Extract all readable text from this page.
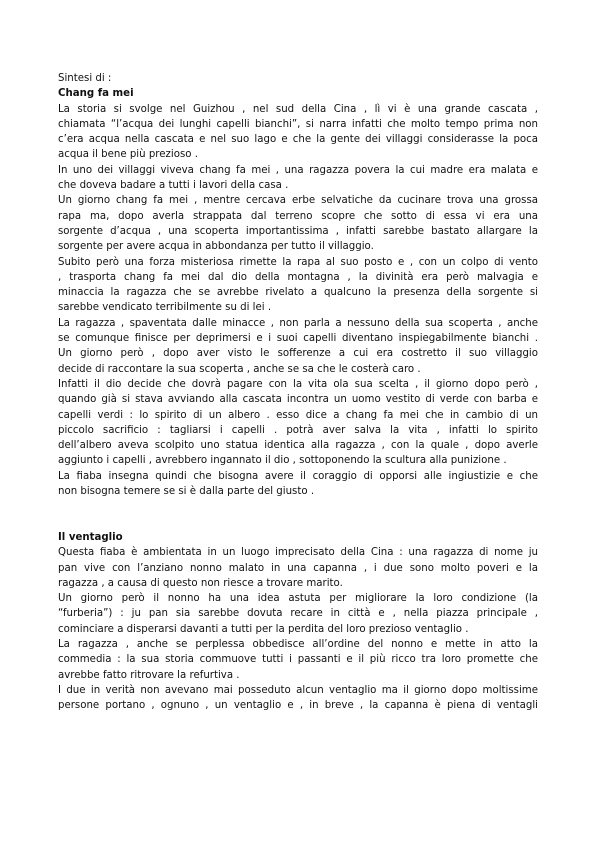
Sintesi di :
Chang fa mei
La storia si svolge nel Guizhou , nel sud della Cina , lì vi è una grande cascata ,
chiamata “l’acqua dei lunghi capelli bianchi”, si narra infatti che molto tempo prima non
c’era acqua nella cascata e nel suo lago e che la gente dei villaggi considerasse la poca
acqua il bene più prezioso .
In uno dei villaggi viveva chang fa mei , una ragazza povera la cui madre era malata e
che doveva badare a tutti i lavori della casa .
Un giorno chang fa mei , mentre cercava erbe selvatiche da cucinare trova una grossa
rapa ma, dopo averla strappata dal terreno scopre che sotto di essa vi era una
sorgente d’acqua , una scoperta importantissima , infatti sarebbe bastato allargare la
sorgente per avere acqua in abbondanza per tutto il villaggio.
Subito però una forza misteriosa rimette la rapa al suo posto e , con un colpo di vento
, trasporta chang fa mei dal dio della montagna , la divinità era però malvagia e
minaccia la ragazza che se avrebbe rivelato a qualcuno la presenza della sorgente si
sarebbe vendicato terribilmente su di lei .
La ragazza , spaventata dalle minacce , non parla a nessuno della sua scoperta , anche
se comunque finisce per deprimersi e i suoi capelli diventano inspiegabilmente bianchi .
Un giorno però , dopo aver visto le sofferenze a cui era costretto il suo villaggio
decide di raccontare la sua scoperta , anche se sa che le costerà caro .
Infatti il dio decide che dovrà pagare con la vita ola sua scelta , il giorno dopo però ,
quando già si stava avviando alla cascata incontra un uomo vestito di verde con barba e
capelli verdi : lo spirito di un albero . esso dice a chang fa mei che in cambio di un
piccolo sacrificio : tagliarsi i capelli . potrà aver salva la vita , infatti lo spirito
dell’albero aveva scolpito uno statua identica alla ragazza , con la quale , dopo averle
aggiunto i capelli , avrebbero ingannato il dio , sottoponendo la scultura alla punizione .
La fiaba insegna quindi che bisogna avere il coraggio di opporsi alle ingiustizie e che
non bisogna temere se si è dalla parte del giusto .
Il ventaglio
Questa fiaba è ambientata in un luogo imprecisato della Cina : una ragazza di nome ju
pan vive con l’anziano nonno malato in una capanna , i due sono molto poveri e la
ragazza , a causa di questo non riesce a trovare marito.
Un giorno però il nonno ha una idea astuta per migliorare la loro condizione (la
“furberia”) : ju pan sia sarebbe dovuta recare in città e , nella piazza principale ,
cominciare a disperarsi davanti a tutti per la perdita del loro prezioso ventaglio .
La ragazza , anche se perplessa obbedisce all’ordine del nonno e mette in atto la
commedia : la sua storia commuove tutti i passanti e il più ricco tra loro promette che
avrebbe fatto ritrovare la refurtiva .
I due in verità non avevano mai posseduto alcun ventaglio ma il giorno dopo moltissime
persone portano , ognuno , un ventaglio e , in breve , la capanna è piena di ventagli
